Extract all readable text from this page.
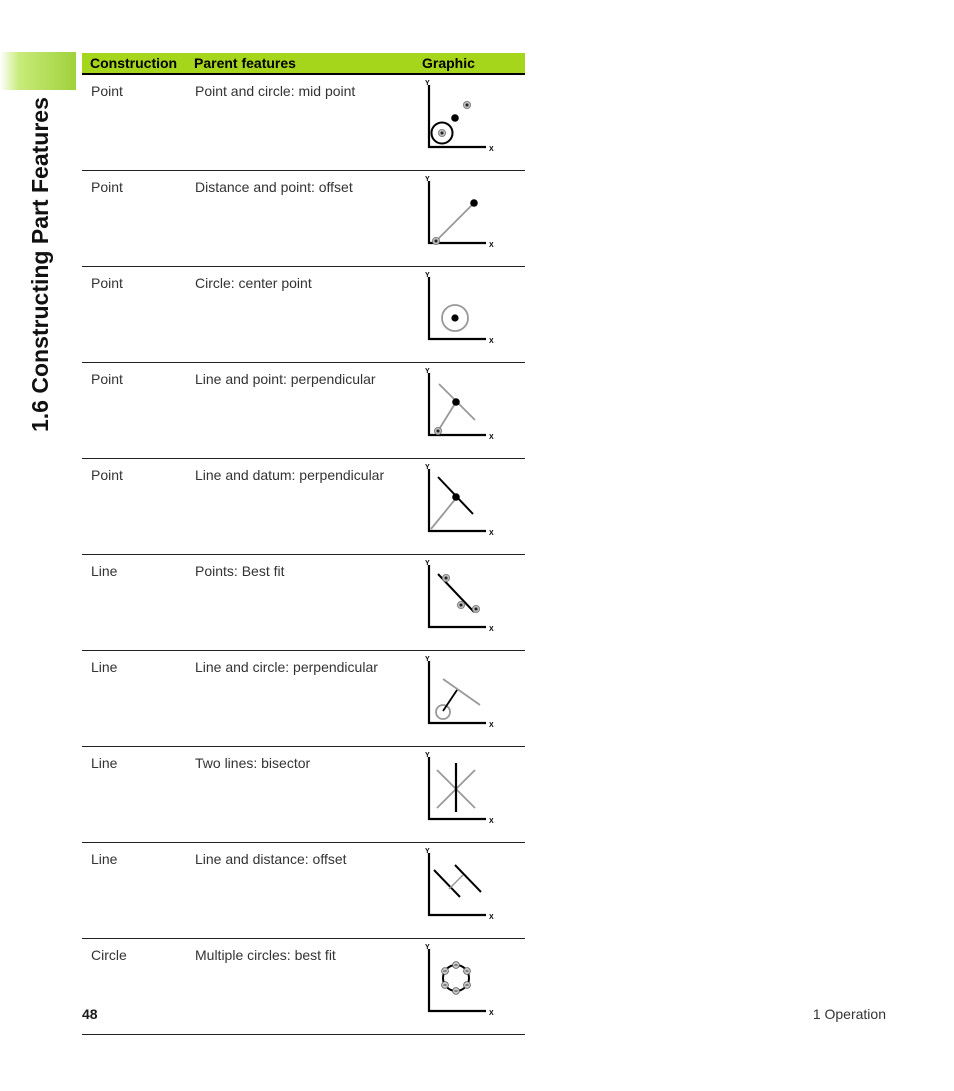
1.6 Constructing Part Features
Construction	Parent features	Graphic
Point	Point and circle: mid point	Y
X

Point	Distance and point: offset	Y
X

Point	Circle: center point	Y
X

Point	Line and point: perpendicular	Y
X

Point	Line and datum: perpendicular	Y
X

Line	Points: Best fit	Y
X

Line	Line and circle: perpendicular	Y
X

Line	Two lines: bisector	Y
X

Line	Line and distance: offset	Y
X

Circle	Multiple circles: best fit	Y
X
48	1 Operation
